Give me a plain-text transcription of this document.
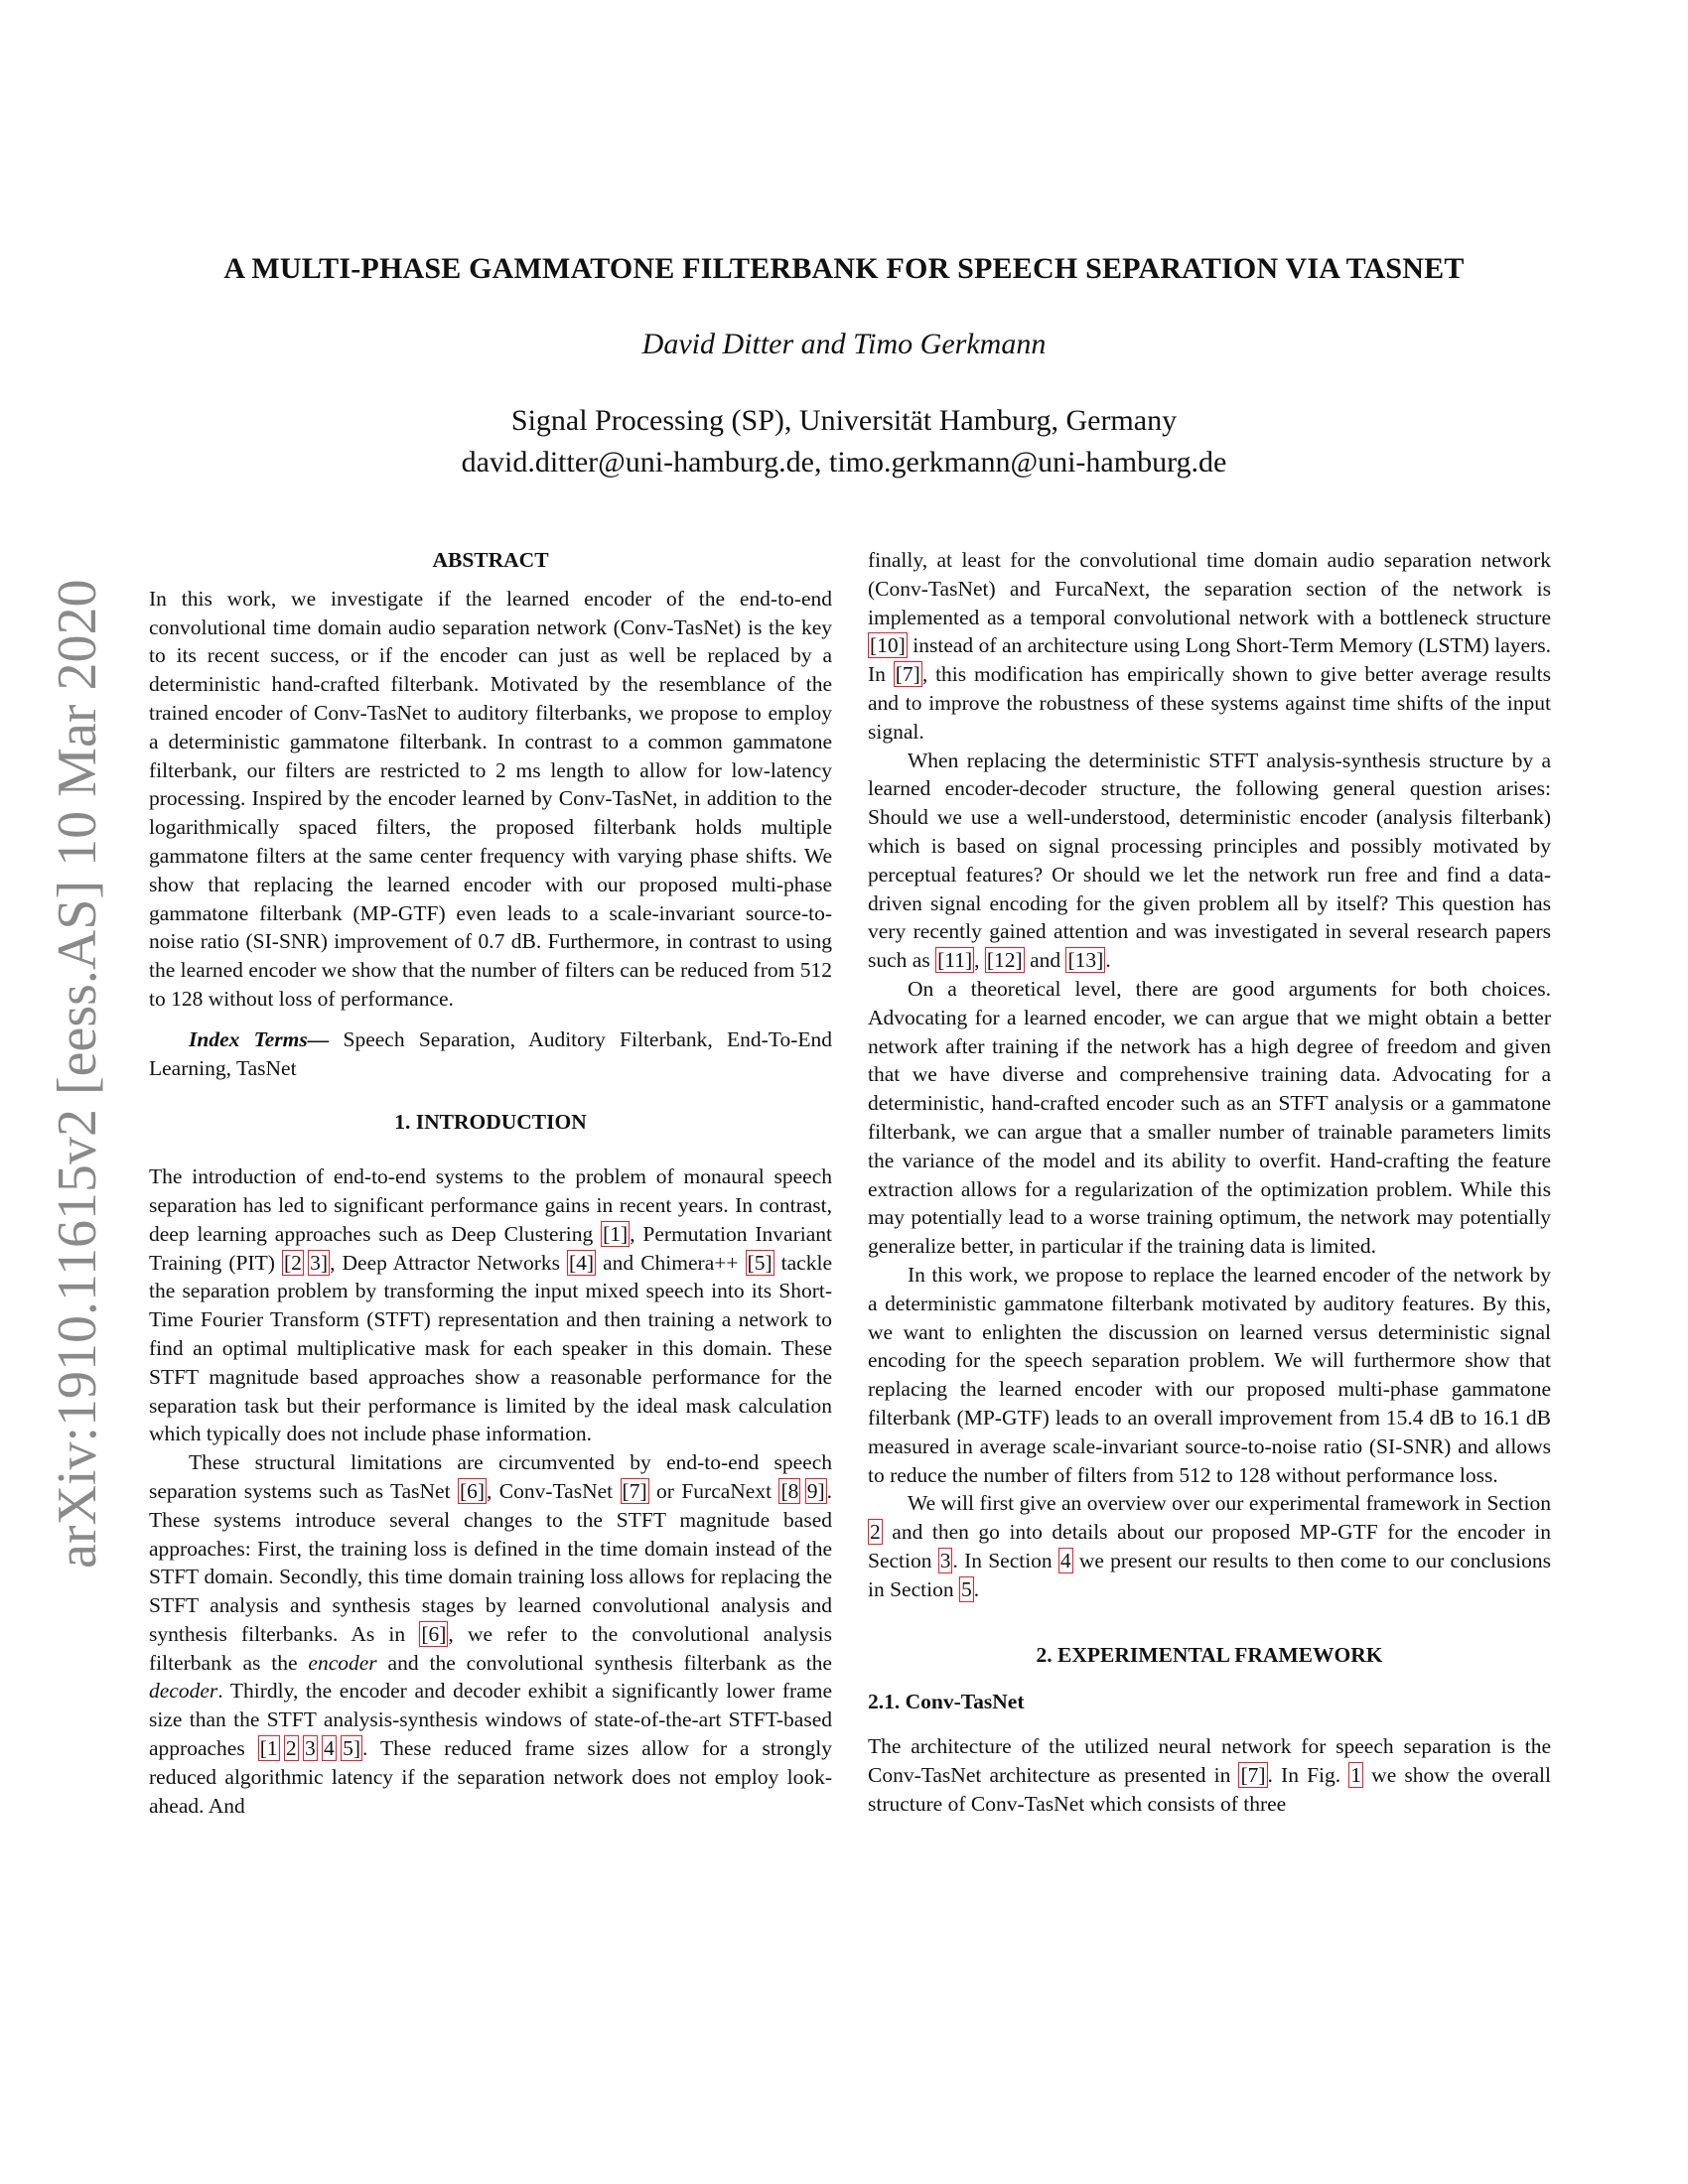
arXiv:1910.11615v2 [eess.AS] 10 Mar 2020
A MULTI-PHASE GAMMATONE FILTERBANK FOR SPEECH SEPARATION VIA TASNET
David Ditter and Timo Gerkmann
Signal Processing (SP), Universität Hamburg, Germany
david.ditter@uni-hamburg.de, timo.gerkmann@uni-hamburg.de
ABSTRACT

In this work, we investigate if the learned encoder of the end-to-end convolutional time domain audio separation network (Conv-TasNet) is the key to its recent success, or if the encoder can just as well be replaced by a deterministic hand-crafted filterbank. Motivated by the resemblance of the trained encoder of Conv-TasNet to auditory filterbanks, we propose to employ a deterministic gammatone filterbank. In contrast to a common gammatone filterbank, our filters are restricted to 2 ms length to allow for low-latency processing. Inspired by the encoder learned by Conv-TasNet, in addition to the logarithmically spaced filters, the proposed filterbank holds multiple gammatone filters at the same center frequency with varying phase shifts. We show that replacing the learned encoder with our proposed multi-phase gammatone filterbank (MP-GTF) even leads to a scale-invariant source-to-noise ratio (SI-SNR) improvement of 0.7 dB. Furthermore, in contrast to using the learned encoder we show that the number of filters can be reduced from 512 to 128 without loss of performance.

Index Terms— Speech Separation, Auditory Filterbank, End-To-End Learning, TasNet

1. INTRODUCTION

The introduction of end-to-end systems to the problem of monaural speech separation has led to significant performance gains in recent years. In contrast, deep learning approaches such as Deep Clustering [1], Permutation Invariant Training (PIT) [2  3], Deep Attractor Networks [4] and Chimera++ [5] tackle the separation problem by transforming the input mixed speech into its Short-Time Fourier Transform (STFT) representation and then training a network to find an optimal multiplicative mask for each speaker in this domain. These STFT magnitude based approaches show a reasonable performance for the separation task but their performance is limited by the ideal mask calculation which typically does not include phase information.

These structural limitations are circumvented by end-to-end speech separation systems such as TasNet [6], Conv-TasNet [7] or FurcaNext [8  9]. These systems introduce several changes to the STFT magnitude based approaches: First, the training loss is defined in the time domain instead of the STFT domain. Secondly, this time domain training loss allows for replacing the STFT analysis and synthesis stages by learned convolutional analysis and synthesis filterbanks. As in [6], we refer to the convolutional analysis filterbank as the encoder and the convolutional synthesis filterbank as the decoder. Thirdly, the encoder and decoder exhibit a significantly lower frame size than the STFT analysis-synthesis windows of state-of-the-art STFT-based approaches [1  2  3  4  5]. These reduced frame sizes allow for a strongly reduced algorithmic latency if the separation network does not employ look-ahead. And

finally, at least for the convolutional time domain audio separation network (Conv-TasNet) and FurcaNext, the separation section of the network is implemented as a temporal convolutional network with a bottleneck structure [10] instead of an architecture using Long Short-Term Memory (LSTM) layers. In [7], this modification has empirically shown to give better average results and to improve the robustness of these systems against time shifts of the input signal.

When replacing the deterministic STFT analysis-synthesis structure by a learned encoder-decoder structure, the following general question arises: Should we use a well-understood, deterministic encoder (analysis filterbank) which is based on signal processing principles and possibly motivated by perceptual features? Or should we let the network run free and find a data-driven signal encoding for the given problem all by itself? This question has very recently gained attention and was investigated in several research papers such as [11], [12] and [13].

On a theoretical level, there are good arguments for both choices. Advocating for a learned encoder, we can argue that we might obtain a better network after training if the network has a high degree of freedom and given that we have diverse and comprehensive training data. Advocating for a deterministic, hand-crafted encoder such as an STFT analysis or a gammatone filterbank, we can argue that a smaller number of trainable parameters limits the variance of the model and its ability to overfit. Hand-crafting the feature extraction allows for a regularization of the optimization problem. While this may potentially lead to a worse training optimum, the network may potentially generalize better, in particular if the training data is limited.

In this work, we propose to replace the learned encoder of the network by a deterministic gammatone filterbank motivated by auditory features. By this, we want to enlighten the discussion on learned versus deterministic signal encoding for the speech separation problem. We will furthermore show that replacing the learned encoder with our proposed multi-phase gammatone filterbank (MP-GTF) leads to an overall improvement from 15.4 dB to 16.1 dB measured in average scale-invariant source-to-noise ratio (SI-SNR) and allows to reduce the number of filters from 512 to 128 without performance loss.

We will first give an overview over our experimental framework in Section 2 and then go into details about our proposed MP-GTF for the encoder in Section 3. In Section 4 we present our results to then come to our conclusions in Section 5.

2. EXPERIMENTAL FRAMEWORK
2.1. Conv-TasNet

The architecture of the utilized neural network for speech separation is the Conv-TasNet architecture as presented in [7]. In Fig. 1 we show the overall structure of Conv-TasNet which consists of three
